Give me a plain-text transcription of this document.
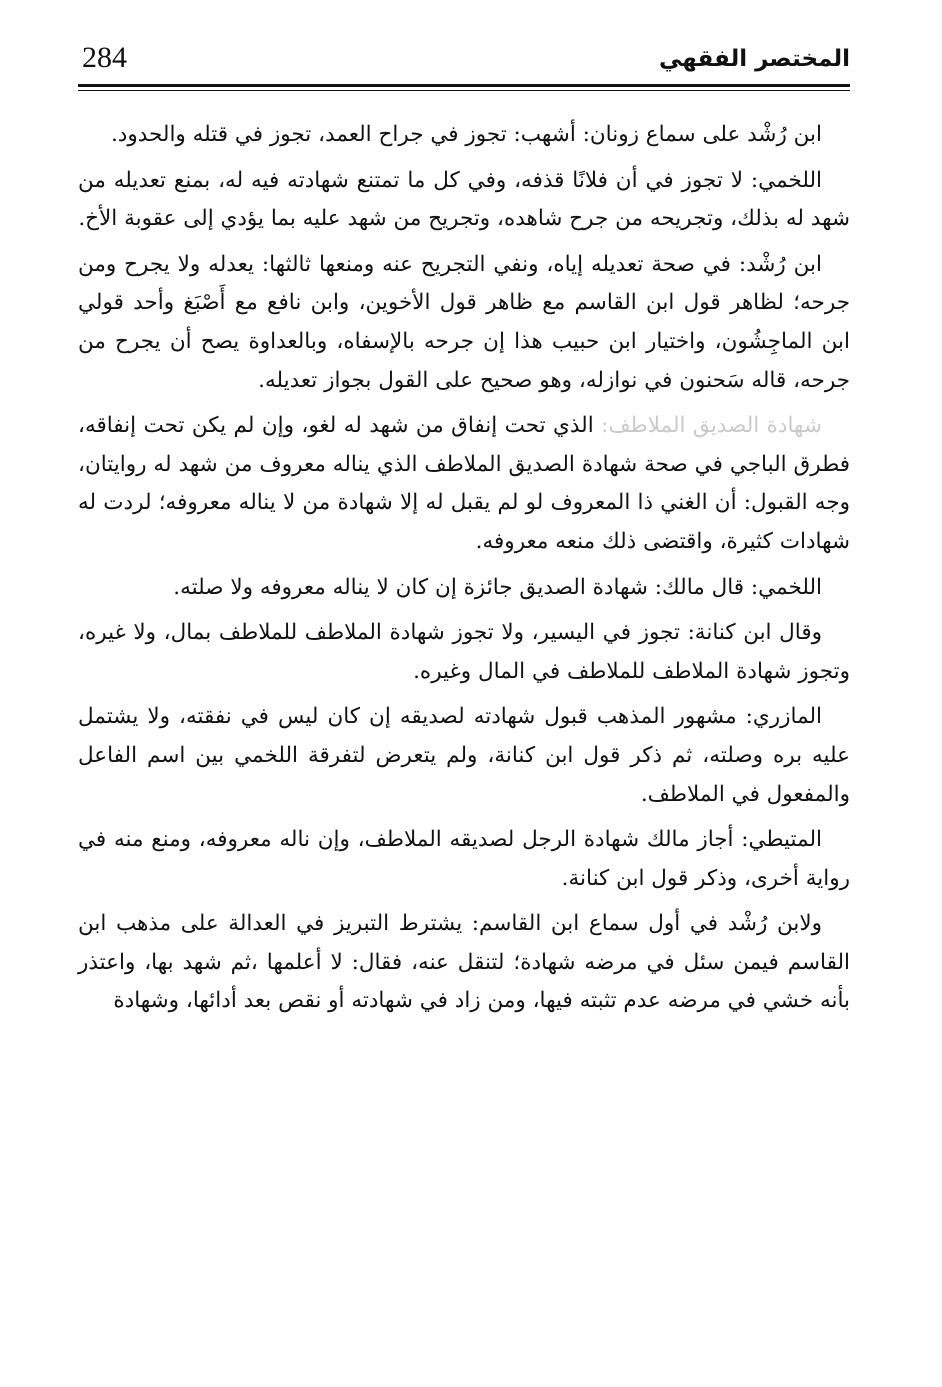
284	المختصر الفقهي

ابن رُشْد على سماع زونان: أشهب: تجوز في جراح العمد، تجوز في قتله والحدود.

اللخمي: لا تجوز في أن فلانًا قذفه، وفي كل ما تمتنع شهادته فيه له، بمنع تعديله من شهد له بذلك، وتجريحه من جرح شاهده، وتجريح من شهد عليه بما يؤدي إلى عقوبة الأخ.

ابن رُشْد: في صحة تعديله إياه، ونفي التجريح عنه ومنعها ثالثها: يعدله ولا يجرح ومن جرحه؛ لظاهر قول ابن القاسم مع ظاهر قول الأخوين، وابن نافع مع أَصْبَغ وأحد قولي ابن الماجِشُون، واختيار ابن حبيب هذا إن جرحه بالإسفاه، وبالعداوة يصح أن يجرح من جرحه، قاله سَحنون في نوازله، وهو صحيح على القول بجواز تعديله.

شهادة الصديق الملاطف: الذي تحت إنفاق من شهد له لغو، وإن لم يكن تحت إنفاقه، فطرق الباجي في صحة شهادة الصديق الملاطف الذي يناله معروف من شهد له روايتان، وجه القبول: أن الغني ذا المعروف لو لم يقبل له إلا شهادة من لا يناله معروفه؛ لردت له شهادات كثيرة، واقتضى ذلك منعه معروفه.

اللخمي: قال مالك: شهادة الصديق جائزة إن كان لا يناله معروفه ولا صلته.

وقال ابن كنانة: تجوز في اليسير، ولا تجوز شهادة الملاطف للملاطف بمال، ولا غيره، وتجوز شهادة الملاطف للملاطف في المال وغيره.

المازري: مشهور المذهب قبول شهادته لصديقه إن كان ليس في نفقته، ولا يشتمل عليه بره وصلته، ثم ذكر قول ابن كنانة، ولم يتعرض لتفرقة اللخمي بين اسم الفاعل والمفعول في الملاطف.

المتيطي: أجاز مالك شهادة الرجل لصديقه الملاطف، وإن ناله معروفه، ومنع منه في رواية أخرى، وذكر قول ابن كنانة.

ولابن رُشْد في أول سماع ابن القاسم: يشترط التبريز في العدالة على مذهب ابن القاسم فيمن سئل في مرضه شهادة؛ لتنقل عنه، فقال: لا أعلمها ،ثم شهد بها، واعتذر بأنه خشي في مرضه عدم تثبته فيها، ومن زاد في شهادته أو نقص بعد أدائها، وشهادة
